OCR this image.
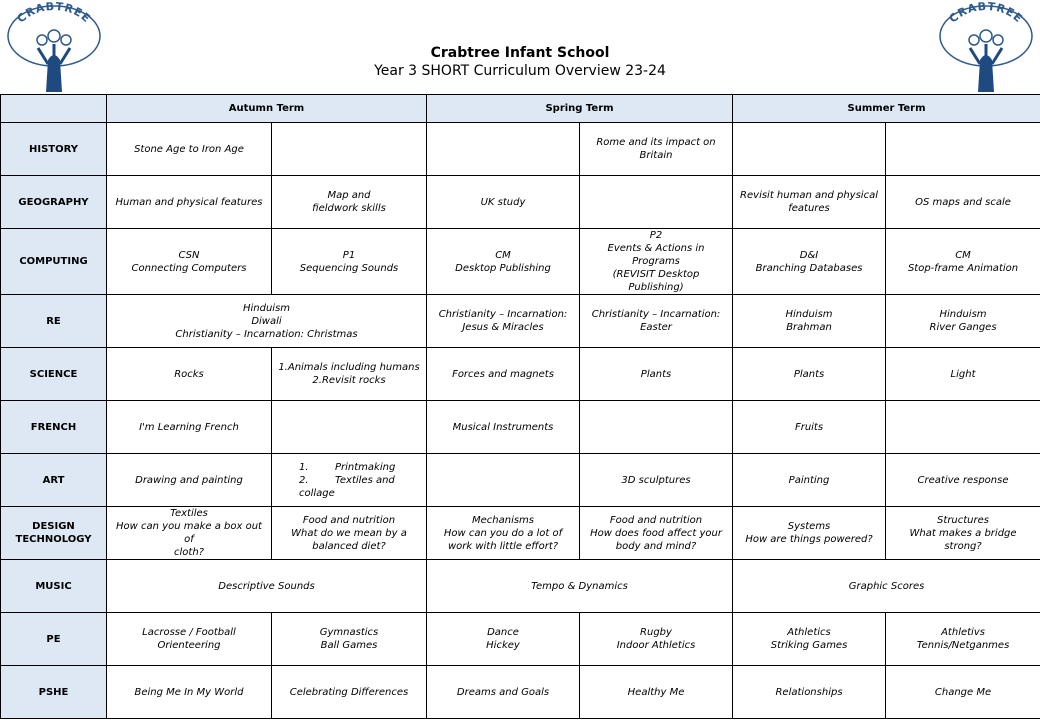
CRABTREE	CRABTREE
Crabtree Infant School
Year 3 SHORT Curriculum Overview 23-24
	Autumn Term		Spring Term		Summer Term	
HISTORY	Stone Age to Iron Age			Rome and its impact on
Britain		

GEOGRAPHY	Human and physical features	Map and
fieldwork skills	UK study		Revisit human and physical
features	OS maps and scale

COMPUTING	CSN
Connecting Computers	P1
Sequencing Sounds	CM
Desktop Publishing	P2
Events & Actions in
Programs
(REVISIT Desktop
Publishing)	D&I
Branching Databases	CM
Stop-frame Animation

RE	Hinduism
Diwali
Christianity – Incarnation: Christmas		Christianity – Incarnation:
Jesus & Miracles	Christianity – Incarnation:
Easter	Hinduism
Brahman	Hinduism
River Ganges

SCIENCE	Rocks	1.Animals including humans
2.Revisit rocks	Forces and magnets	Plants	Plants	Light

FRENCH	I'm Learning French		Musical Instruments		Fruits	

ART	Drawing and painting	1. Printmaking
2. Textiles and collage		3D sculptures	Painting	Creative response

DESIGN
TECHNOLOGY	Textiles
How can you make a box out of
cloth?	Food and nutrition
What do we mean by a
balanced diet?	Mechanisms
How can you do a lot of
work with little effort?	Food and nutrition
How does food affect your
body and mind?	Systems
How are things powered?	Structures
What makes a bridge
strong?

MUSIC	Descriptive Sounds		Tempo & Dynamics		Graphic Scores	
PE	Lacrosse / Football
Orienteering	Gymnastics
Ball Games	Dance
Hickey	Rugby
Indoor Athletics	Athletics
Striking Games	Athletivs
Tennis/Netganmes

PSHE	Being Me In My World	Celebrating Differences	Dreams and Goals	Healthy Me	Relationships	Change Me
